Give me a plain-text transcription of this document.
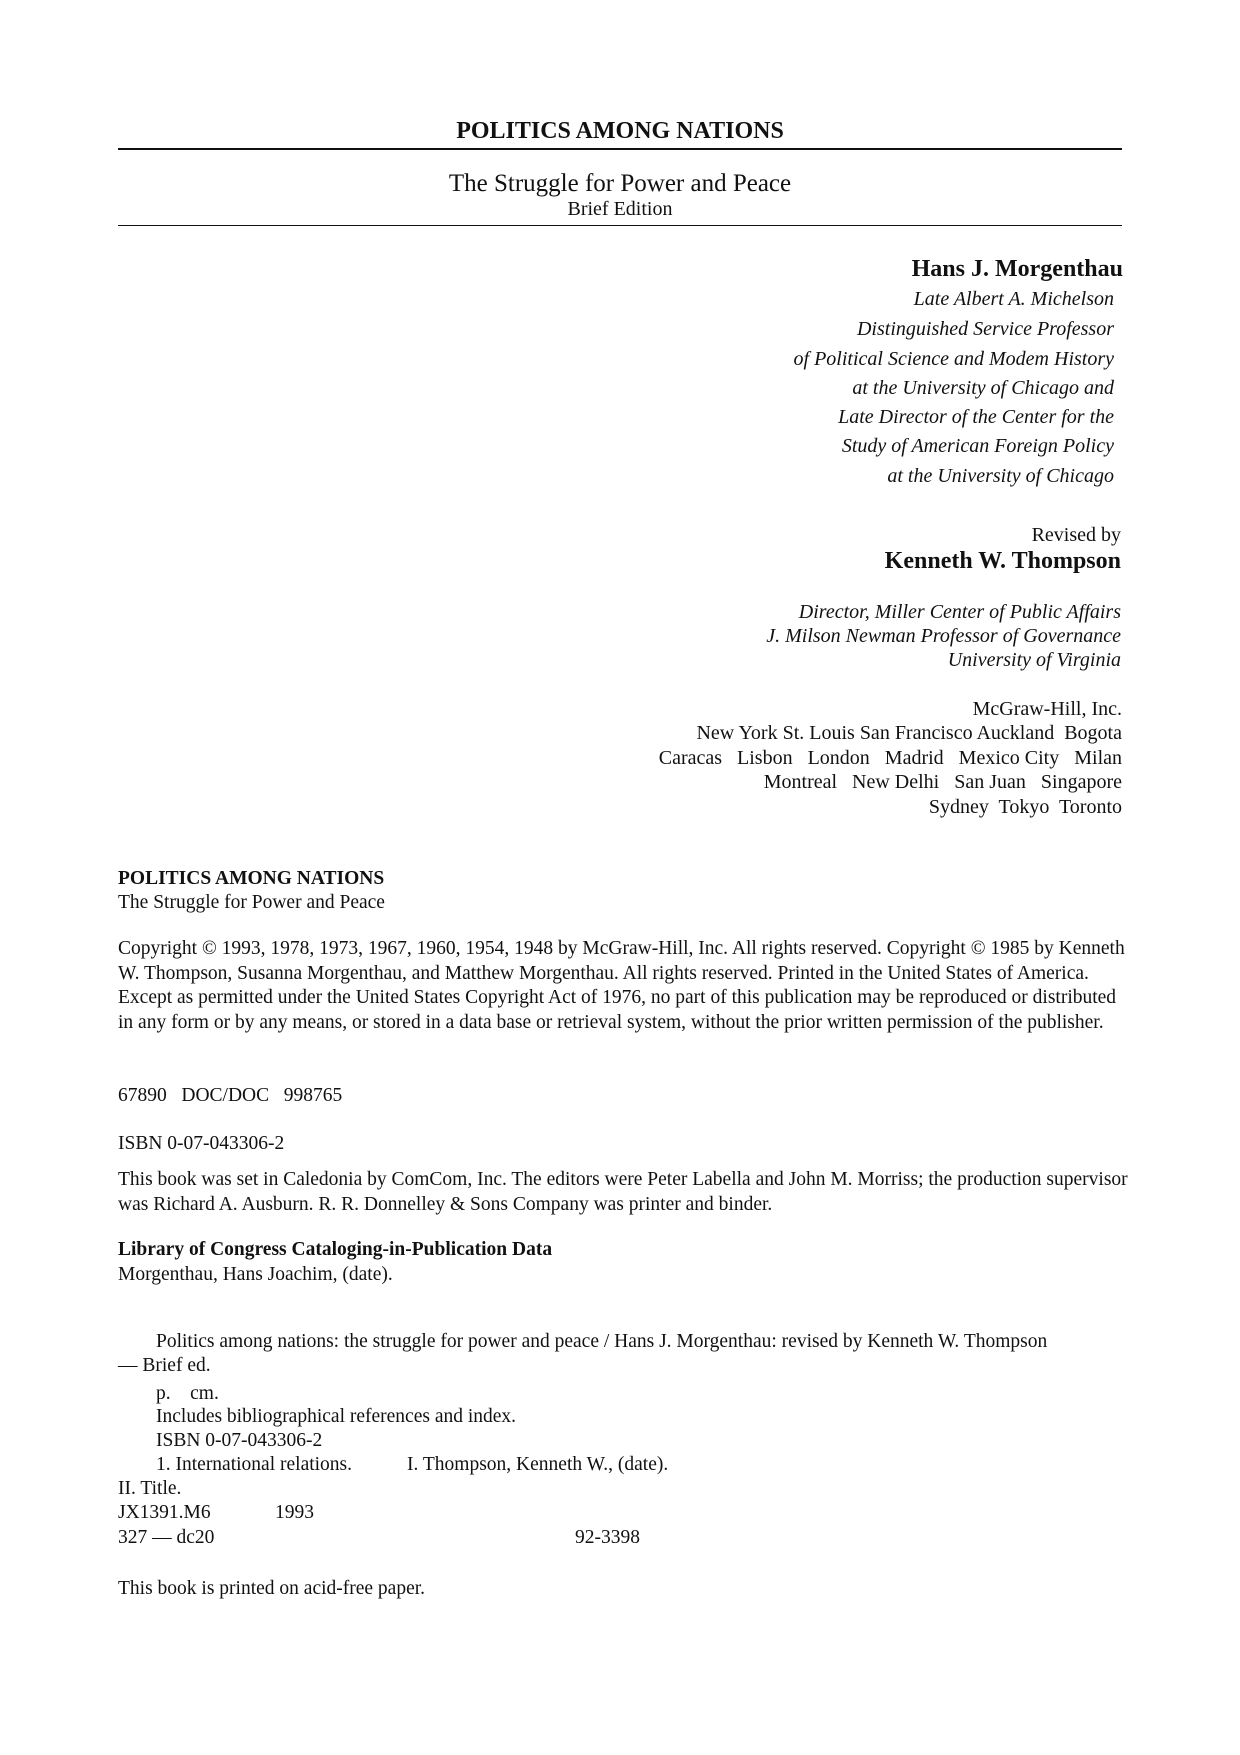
POLITICS AMONG NATIONS
The Struggle for Power and Peace
Brief Edition
Hans J. Morgenthau
Late Albert A. Michelson
Distinguished Service Professor
of Political Science and Modem History
at the University of Chicago and
Late Director of the Center for the
Study of American Foreign Policy
at the University of Chicago
Revised by
Kenneth W. Thompson
Director, Miller Center of Public Affairs
J. Milson Newman Professor of Governance
University of Virginia
McGraw-Hill, Inc.
New York St. Louis San Francisco Auckland  Bogota
Caracas   Lisbon   London   Madrid   Mexico City   Milan
Montreal   New Delhi   San Juan   Singapore
Sydney  Tokyo  Toronto
POLITICS AMONG NATIONS
The Struggle for Power and Peace
Copyright © 1993, 1978, 1973, 1967, 1960, 1954, 1948 by McGraw-Hill, Inc. All rights reserved. Copyright © 1985 by Kenneth W. Thompson, Susanna Morgenthau, and Matthew Morgenthau. All rights reserved. Printed in the United States of America. Except as permitted under the United States Copyright Act of 1976, no part of this publication may be reproduced or distributed in any form or by any means, or stored in a data base or retrieval system, without the prior written permission of the publisher.
67890   DOC/DOC   998765
ISBN 0-07-043306-2
This book was set in Caledonia by ComCom, Inc. The editors were Peter Labella and John M. Morriss; the production supervisor was Richard A. Ausburn. R. R. Donnelley & Sons Company was printer and binder.
Library of Congress Cataloging-in-Publication Data
Morgenthau, Hans Joachim, (date).
Politics among nations: the struggle for power and peace / Hans J. Morgenthau: revised by Kenneth W. Thompson
— Brief ed.
p.    cm.
Includes bibliographical references and index.
ISBN 0-07-043306-2
1. International relations.	I. Thompson, Kenneth W., (date).
II. Title.
JX1391.M6	1993
327 — dc20	92-3398
This book is printed on acid-free paper.
